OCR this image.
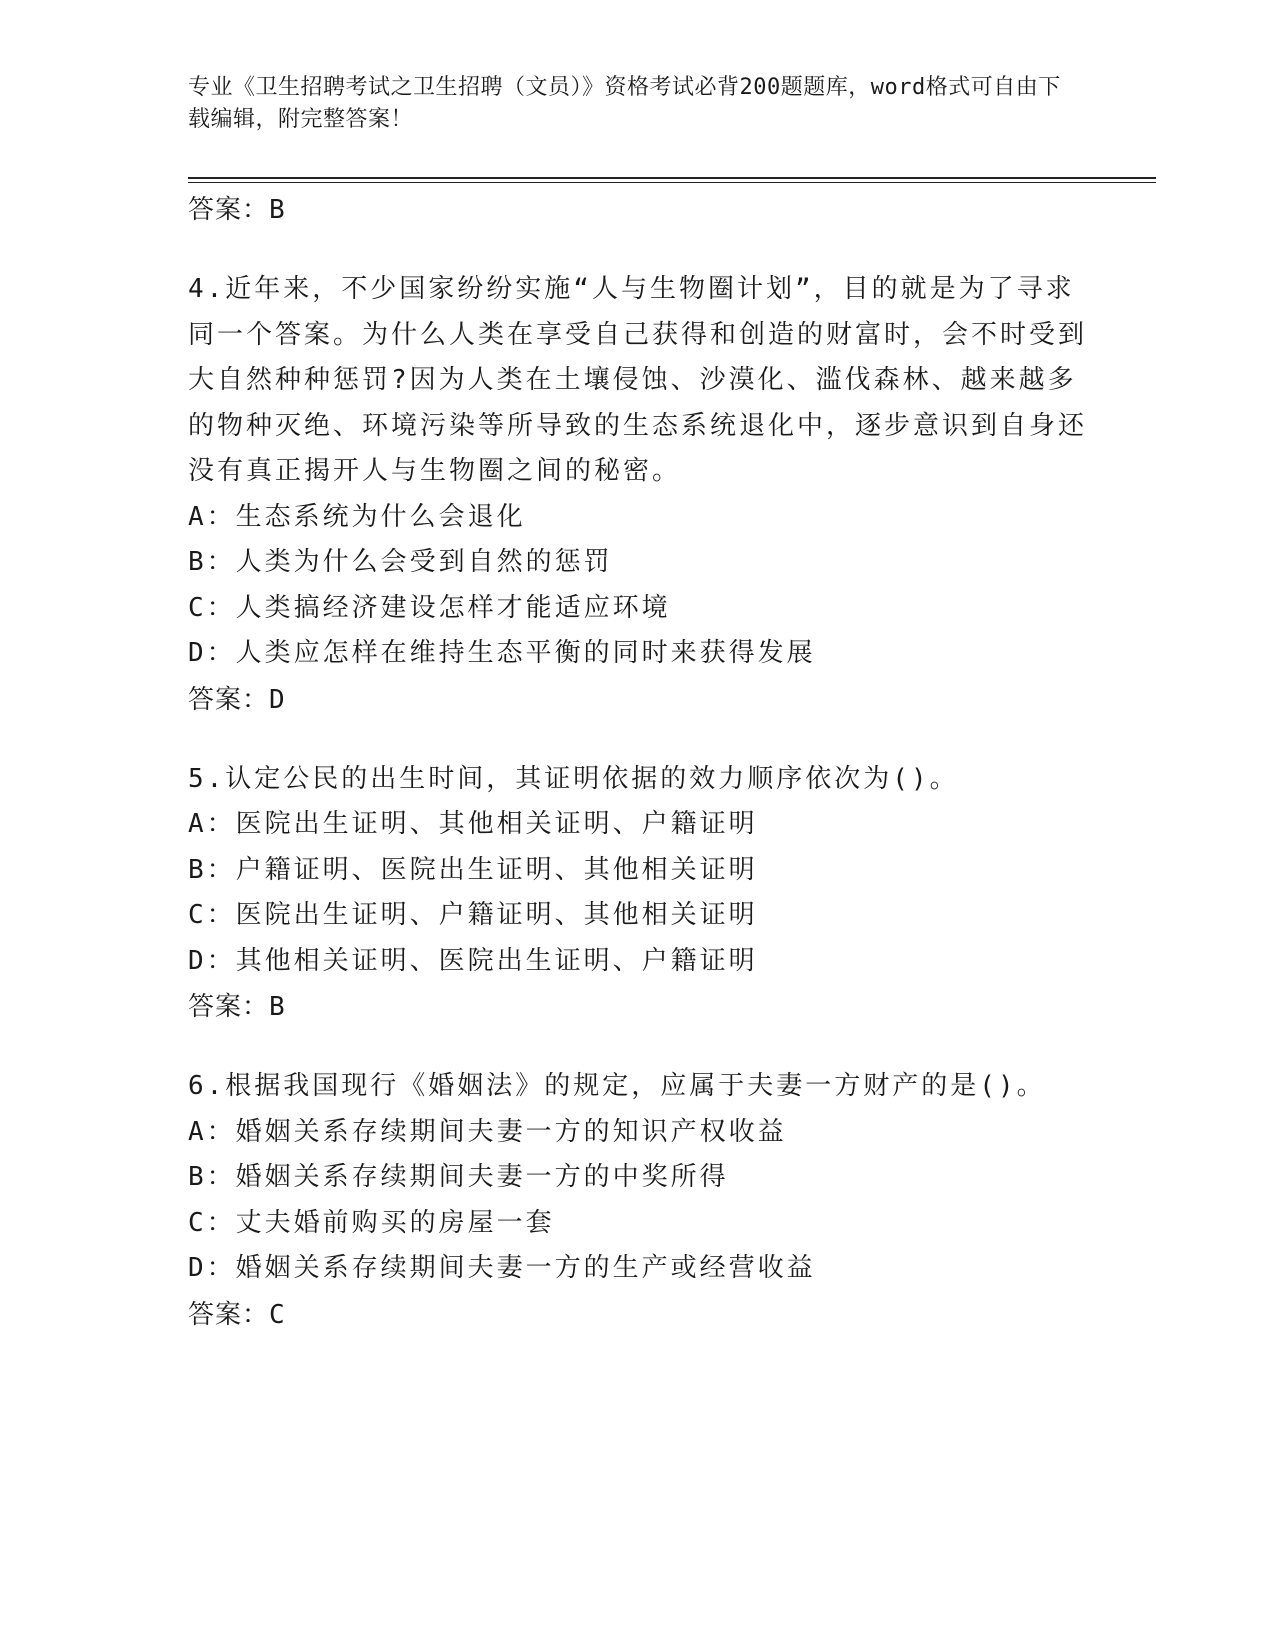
专业《卫生招聘考试之卫生招聘（文员）》资格考试必背200题题库，word格式可自由下载编辑，附完整答案！
答案：B
4.近年来，不少国家纷纷实施“人与生物圈计划”，目的就是为了寻求同一个答案。为什么人类在享受自己获得和创造的财富时，会不时受到大自然种种惩罚?因为人类在土壤侵蚀、沙漠化、滥伐森林、越来越多的物种灭绝、环境污染等所导致的生态系统退化中，逐步意识到自身还没有真正揭开人与生物圈之间的秘密。
A：生态系统为什么会退化
B：人类为什么会受到自然的惩罚
C：人类搞经济建设怎样才能适应环境
D：人类应怎样在维持生态平衡的同时来获得发展
答案：D
5.认定公民的出生时间，其证明依据的效力顺序依次为()。
A：医院出生证明、其他相关证明、户籍证明
B：户籍证明、医院出生证明、其他相关证明
C：医院出生证明、户籍证明、其他相关证明
D：其他相关证明、医院出生证明、户籍证明
答案：B
6.根据我国现行《婚姻法》的规定，应属于夫妻一方财产的是()。
A：婚姻关系存续期间夫妻一方的知识产权收益
B：婚姻关系存续期间夫妻一方的中奖所得
C：丈夫婚前购买的房屋一套
D：婚姻关系存续期间夫妻一方的生产或经营收益
答案：C
